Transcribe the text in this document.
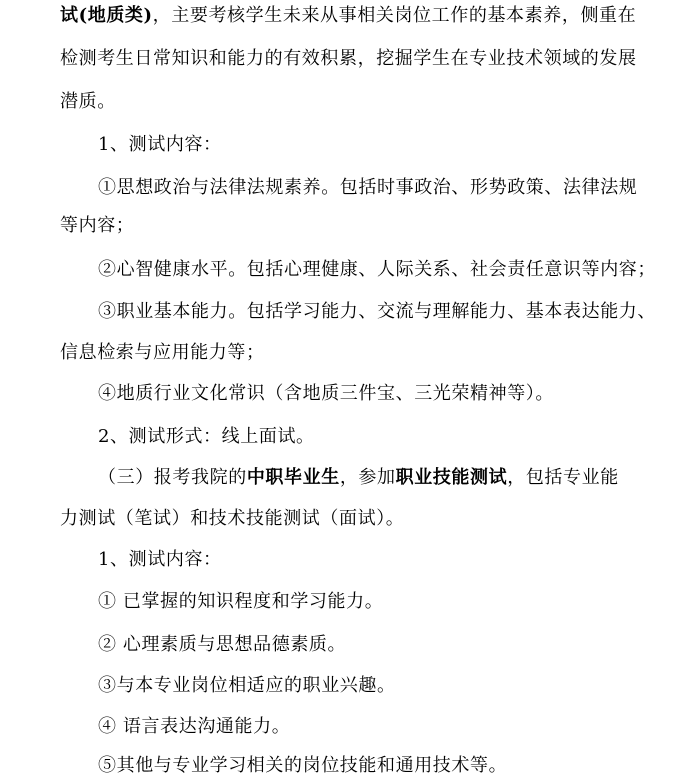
试(地质类)，主要考核学生未来从事相关岗位工作的基本素养，侧重在
检测考生日常知识和能力的有效积累，挖掘学生在专业技术领域的发展
潜质。
1、测试内容：
①思想政治与法律法规素养。包括时事政治、形势政策、法律法规
等内容；
②心智健康水平。包括心理健康、人际关系、社会责任意识等内容；
③职业基本能力。包括学习能力、交流与理解能力、基本表达能力、
信息检索与应用能力等；
④地质行业文化常识（含地质三件宝、三光荣精神等）。
2、测试形式：线上面试。
（三）报考我院的中职毕业生，参加职业技能测试，包括专业能
力测试（笔试）和技术技能测试（面试）。
1、测试内容：
① 已掌握的知识程度和学习能力。
② 心理素质与思想品德素质。
③与本专业岗位相适应的职业兴趣。
④ 语言表达沟通能力。
⑤其他与专业学习相关的岗位技能和通用技术等。
